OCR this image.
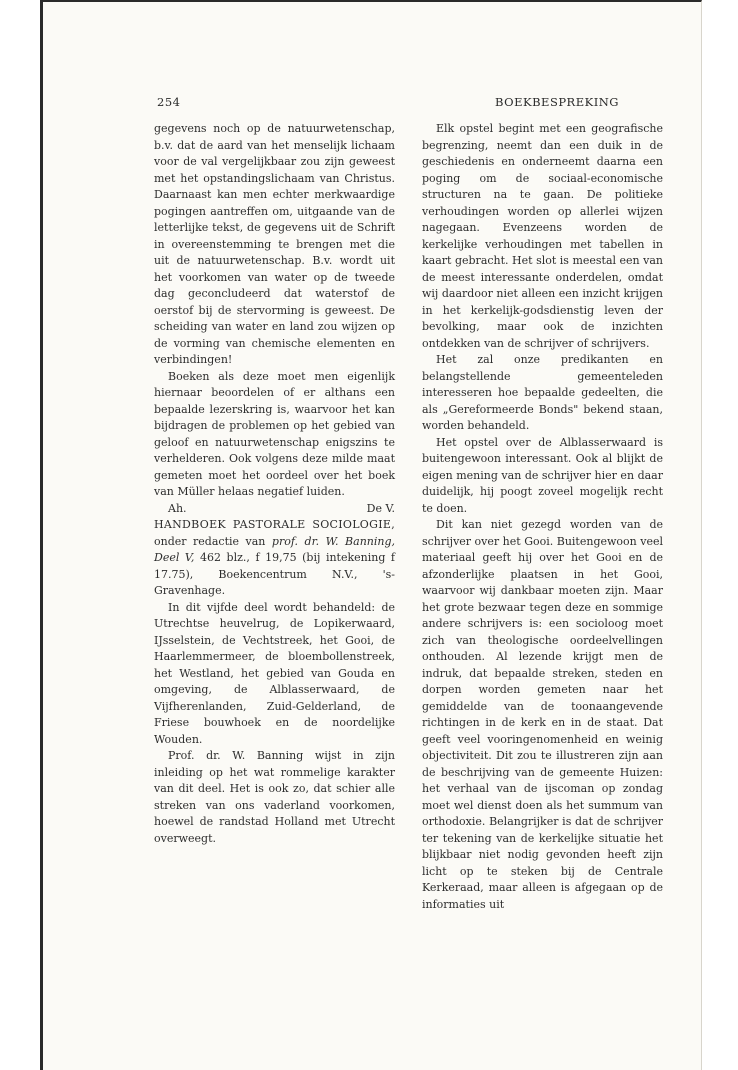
254	BOEKBESPREKING

gegevens noch op de natuurwetenschap, b.v. dat de aard van het menselijk lichaam voor de val vergelijkbaar zou zijn geweest met het opstandingslichaam van Christus. Daarnaast kan men echter merkwaardige pogingen aantreffen om, uitgaande van de letterlijke tekst, de gegevens uit de Schrift in overeenstemming te brengen met die uit de natuurwetenschap. B.v. wordt uit het voorkomen van water op de tweede dag geconcludeerd dat waterstof de oerstof bij de stervorming is geweest. De scheiding van water en land zou wijzen op de vorming van chemische elementen en verbindingen!

Boeken als deze moet men eigenlijk hiernaar beoordelen of er althans een bepaalde lezerskring is, waarvoor het kan bijdragen de problemen op het gebied van geloof en natuurwetenschap enigszins te verhelderen. Ook volgens deze milde maat gemeten moet het oordeel over het boek van Müller helaas negatief luiden.

Ah.	De V.

HANDBOEK PASTORALE SOCIOLOGIE, onder redactie van prof. dr. W. Banning, Deel V, 462 blz., f 19,75 (bij intekening f 17.75), Boekencentrum N.V., 's-Gravenhage.

In dit vijfde deel wordt behandeld: de Utrechtse heuvelrug, de Lopikerwaard, IJsselstein, de Vechtstreek, het Gooi, de Haarlemmermeer, de bloembollenstreek, het Westland, het gebied van Gouda en omgeving, de Alblasserwaard, de Vijfherenlanden, Zuid-Gelderland, de Friese bouwhoek en de noordelijke Wouden.

Prof. dr. W. Banning wijst in zijn inleiding op het wat rommelige karakter van dit deel. Het is ook zo, dat schier alle streken van ons vaderland voorkomen, hoewel de randstad Holland met Utrecht overweegt.

Elk opstel begint met een geografische begrenzing, neemt dan een duik in de geschiedenis en onderneemt daarna een poging om de sociaal-economische structuren na te gaan. De politieke verhoudingen worden op allerlei wijzen nagegaan. Evenzeens worden de kerkelijke verhoudingen met tabellen in kaart gebracht. Het slot is meestal een van de meest interessante onderdelen, omdat wij daardoor niet alleen een inzicht krijgen in het kerkelijk-godsdienstig leven der bevolking, maar ook de inzichten ontdekken van de schrijver of schrijvers.

Het zal onze predikanten en belangstellende gemeenteleden interesseren hoe bepaalde gedeelten, die als „Gereformeerde Bonds" bekend staan, worden behandeld.

Het opstel over de Alblasserwaard is buitengewoon interessant. Ook al blijkt de eigen mening van de schrijver hier en daar duidelijk, hij poogt zoveel mogelijk recht te doen.

Dit kan niet gezegd worden van de schrijver over het Gooi. Buitengewoon veel materiaal geeft hij over het Gooi en de afzonderlijke plaatsen in het Gooi, waarvoor wij dankbaar moeten zijn. Maar het grote bezwaar tegen deze en sommige andere schrijvers is: een socioloog moet zich van theologische oordeelvellingen onthouden. Al lezende krijgt men de indruk, dat bepaalde streken, steden en dorpen worden gemeten naar het gemiddelde van de toonaangevende richtingen in de kerk en in de staat. Dat geeft veel vooringenomenheid en weinig objectiviteit. Dit zou te illustreren zijn aan de beschrijving van de gemeente Huizen: het verhaal van de ijscoman op zondag moet wel dienst doen als het summum van orthodoxie. Belangrijker is dat de schrijver ter tekening van de kerkelijke situatie het blijkbaar niet nodig gevonden heeft zijn licht op te steken bij de Centrale Kerkeraad, maar alleen is afgegaan op de informaties uit
